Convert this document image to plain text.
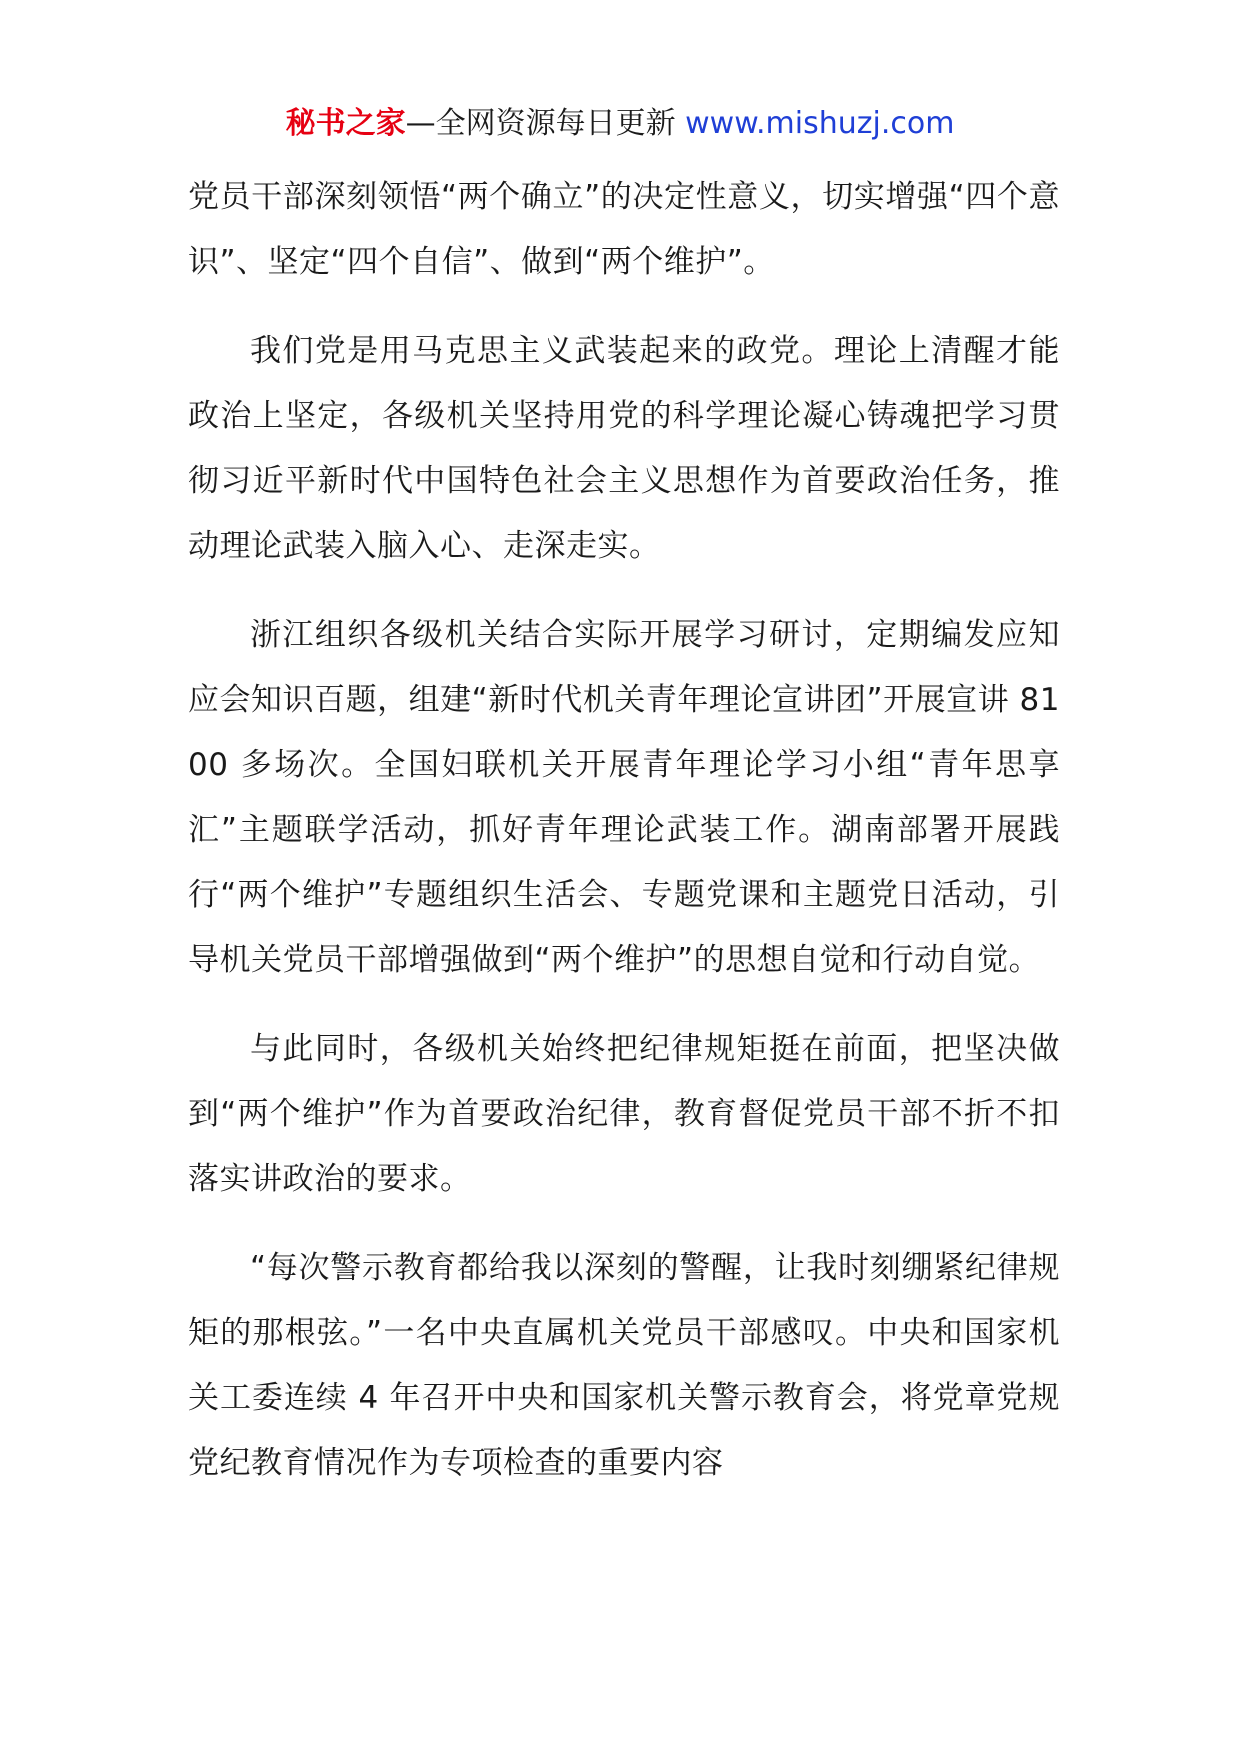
秘书之家—全网资源每日更新 www.mishuzj.com

党员干部深刻领悟“两个确立”的决定性意义，切实增强“四个意识”、坚定“四个自信”、做到“两个维护”。

我们党是用马克思主义武装起来的政党。理论上清醒才能政治上坚定，各级机关坚持用党的科学理论凝心铸魂把学习贯彻习近平新时代中国特色社会主义思想作为首要政治任务，推动理论武装入脑入心、走深走实。

浙江组织各级机关结合实际开展学习研讨，定期编发应知应会知识百题，组建“新时代机关青年理论宣讲团”开展宣讲 8100 多场次。全国妇联机关开展青年理论学习小组“青年思享汇”主题联学活动，抓好青年理论武装工作。湖南部署开展践行“两个维护”专题组织生活会、专题党课和主题党日活动，引导机关党员干部增强做到“两个维护”的思想自觉和行动自觉。

与此同时，各级机关始终把纪律规矩挺在前面，把坚决做到“两个维护”作为首要政治纪律，教育督促党员干部不折不扣落实讲政治的要求。

“每次警示教育都给我以深刻的警醒，让我时刻绷紧纪律规矩的那根弦。”一名中央直属机关党员干部感叹。中央和国家机关工委连续 4 年召开中央和国家机关警示教育会，将党章党规党纪教育情况作为专项检查的重要内容
